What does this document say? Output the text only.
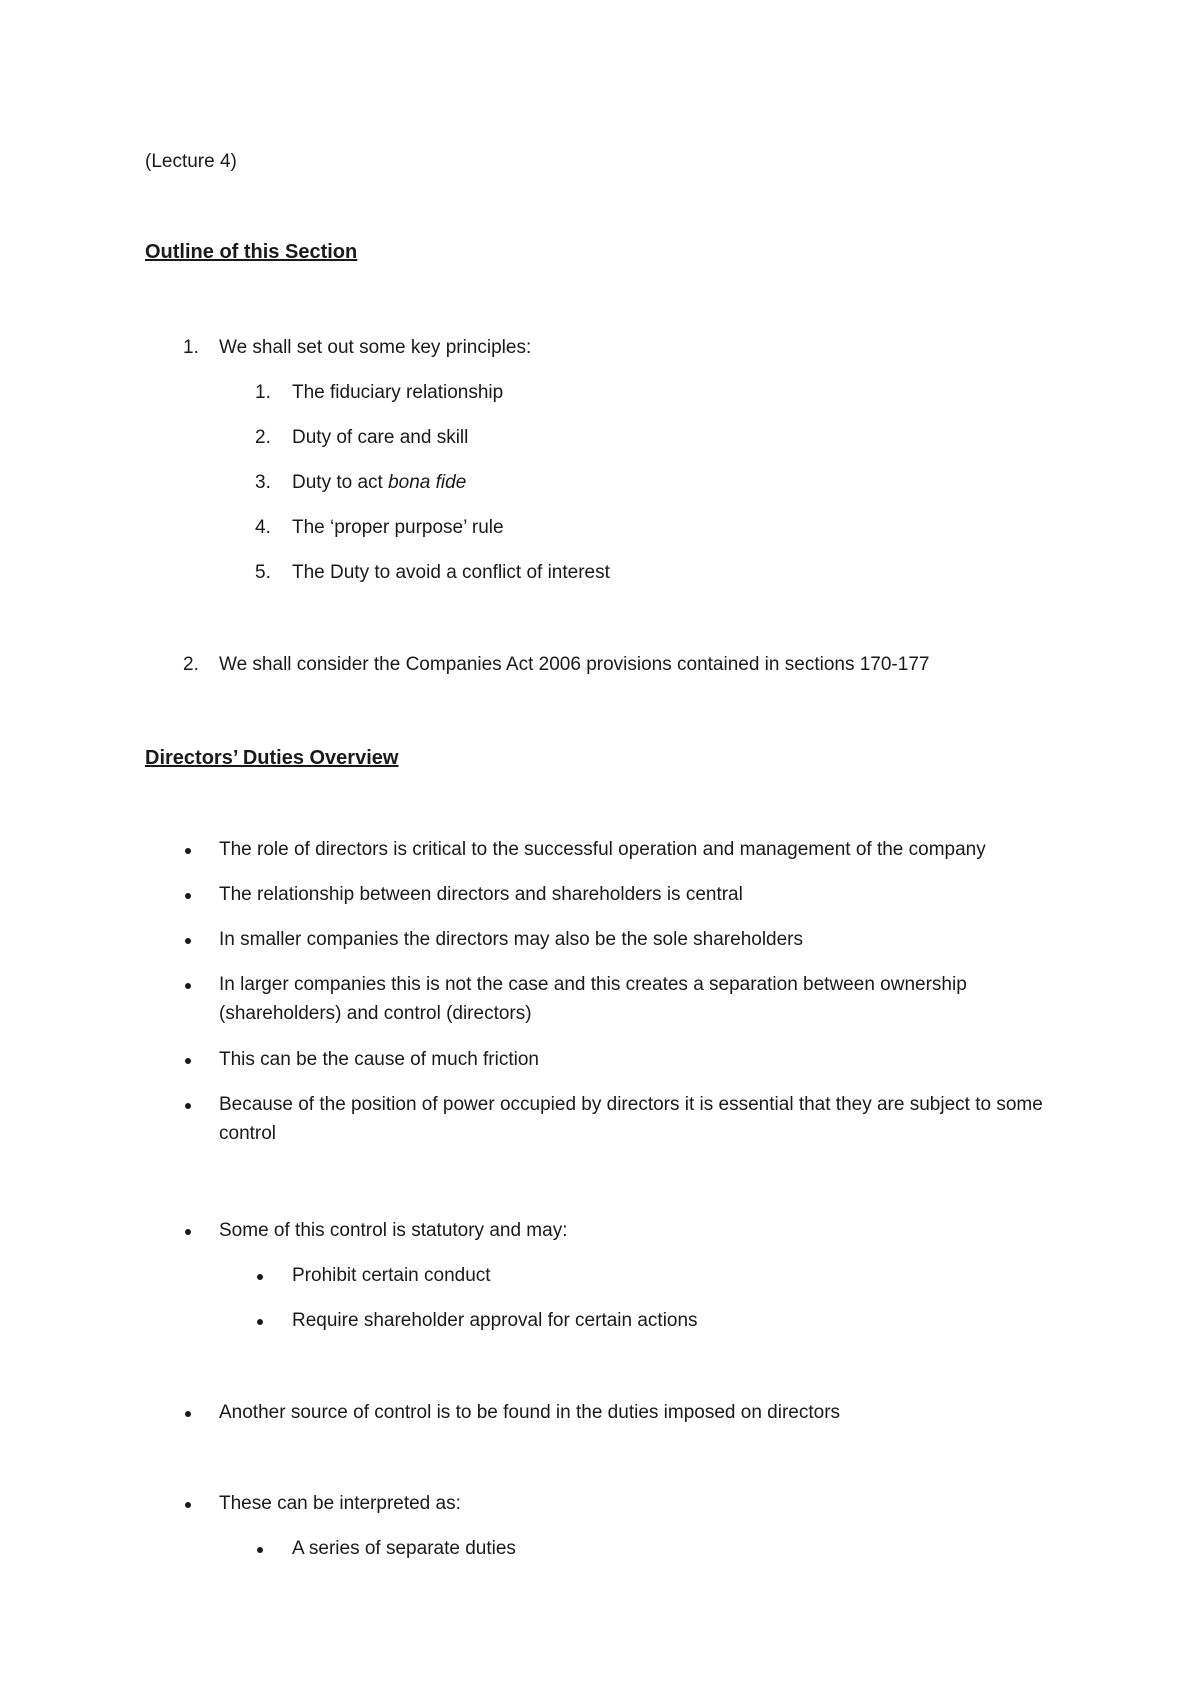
(Lecture 4)
Outline of this Section
1. We shall set out some key principles:
1. The fiduciary relationship
2. Duty of care and skill
3. Duty to act bona fide
4. The ‘proper purpose’ rule
5. The Duty to avoid a conflict of interest
2. We shall consider the Companies Act 2006 provisions contained in sections 170-177
Directors’ Duties Overview
The role of directors is critical to the successful operation and management of the company
The relationship between directors and shareholders is central
In smaller companies the directors may also be the sole shareholders
In larger companies this is not the case and this creates a separation between ownership (shareholders) and control (directors)
This can be the cause of much friction
Because of the position of power occupied by directors it is essential that they are subject to some control
Some of this control is statutory and may:
Prohibit certain conduct
Require shareholder approval for certain actions
Another source of control is to be found in the duties imposed on directors
These can be interpreted as:
A series of separate duties
